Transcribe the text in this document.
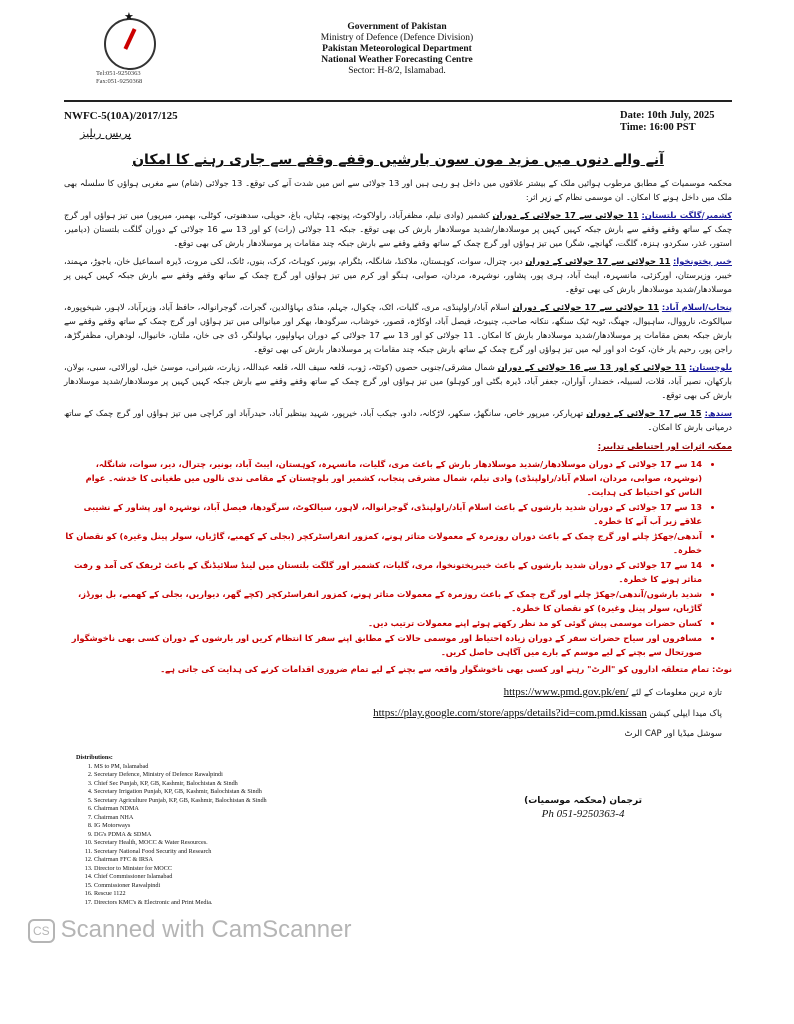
★
Tel:051-9250363
Fax:051-9250368
Government of Pakistan
Ministry of Defence (Defence Division)
Pakistan Meteorological Department
National Weather Forecasting Centre
Sector: H-8/2, Islamabad.
NWFC-5(10A)/2017/125
پریس ریلیز
Date: 10th July, 2025
Time: 16:00 PST
آنے والے دنوں میں مزید مون سون بارشیں وقفے وقفے سے جاری رہنے کا امکان

محکمہ موسمیات کے مطابق مرطوب ہوائیں ملک کے بیشتر علاقوں میں داخل ہو رہی ہیں اور 13 جولائی سے اس میں شدت آنے کی توقع۔ 13 جولائی (شام) سے مغربی ہواؤں کا سلسلہ بھی ملک میں داخل ہونے کا امکان۔ ان موسمی نظام کے زیر اثر:

کشمیر/گلگت بلتستان: 11 جولائی سے 17 جولائی کے دوران کشمیر (وادی نیلم، مظفرآباد، راولاکوٹ، پونچھ، ہٹیاں، باغ، حویلی، سدھنوتی، کوٹلی، بھمبر، میرپور) میں تیز ہواؤں اور گرج چمک کے ساتھ وقفے وقفے سے بارش جبکہ کہیں کہیں پر موسلادھار/شدید موسلادھار بارش کی بھی توقع۔ جبکہ 11 جولائی (رات) کو اور 13 سے 16 جولائی کے دوران گلگت بلتستان (دیامیر، استور، غذر، سکردو، ہنزہ، گلگت، گھانچے، شگر) میں تیز ہواؤں اور گرج چمک کے ساتھ وقفے وقفے سے بارش جبکہ چند مقامات پر موسلادھار بارش کی بھی توقع۔

خیبر پختونخوا: 11 جولائی سے 17 جولائی کے دوران دیر، چترال، سوات، کوہستان، ملاکنڈ، شانگلہ، بٹگرام، بونیر، کوہاٹ، کرک، بنوں، ٹانک، لکی مروت، ڈیرہ اسماعیل خان، باجوڑ، مہمند، خیبر، وزیرستان، اورکزئی، مانسہرہ، ایبٹ آباد، ہری پور، پشاور، نوشہرہ، مردان، صوابی، ہنگو اور کرم میں تیز ہواؤں اور گرج چمک کے ساتھ وقفے وقفے سے بارش جبکہ کہیں کہیں پر موسلادھار/شدید موسلادھار بارش کی بھی توقع۔

پنجاب/اسلام آباد: 11 جولائی سے 17 جولائی کے دوران اسلام آباد/راولپنڈی، مری، گلیات، اٹک، چکوال، جہلم، منڈی بہاؤالدین، گجرات، گوجرانوالہ، حافظ آباد، وزیرآباد، لاہور، شیخوپورہ، سیالکوٹ، نارووال، ساہیوال، جھنگ، ٹوبہ ٹیک سنگھ، ننکانہ صاحب، چنیوٹ، فیصل آباد، اوکاڑہ، قصور، خوشاب، سرگودھا، بھکر اور میانوالی میں تیز ہواؤں اور گرج چمک کے ساتھ وقفے وقفے سے بارش جبکہ بعض مقامات پر موسلادھار/شدید موسلادھار بارش کا امکان۔ 11 جولائی کو اور 13 سے 17 جولائی کے دوران بہاولپور، بہاولنگر، ڈی جی خان، ملتان، خانیوال، لودھراں، مظفرگڑھ، راجن پور، رحیم یار خان، کوٹ ادو اور لیہ میں تیز ہواؤں اور گرج چمک کے ساتھ بارش جبکہ چند مقامات پر موسلادھار بارش کی بھی توقع۔

بلوچستان: 11 جولائی کو اور 13 سے 16 جولائی کے دوران شمال مشرقی/جنوبی حصوں (کوئٹہ، ژوب، قلعہ سیف اللہ، قلعہ عبداللہ، زیارت، شیرانی، موسیٰ خیل، لورالائی، سبی، بولان، بارکھان، نصیر آباد، قلات، لسبیلہ، خضدار، آواران، جعفر آباد، ڈیرہ بگٹی اور کوہلو) میں تیز ہواؤں اور گرج چمک کے ساتھ وقفے وقفے سے بارش جبکہ کہیں کہیں پر موسلادھار/شدید موسلادھار بارش کی بھی توقع۔

سندھ: 15 سے 17 جولائی کے دوران تھرپارکر، میرپور خاص، سانگھڑ، سکھر، لاڑکانہ، دادو، جیکب آباد، خیرپور، شہید بینظیر آباد، حیدرآباد اور کراچی میں تیز ہواؤں اور گرج چمک کے ساتھ درمیانی بارش کا امکان۔

ممکنہ اثرات اور احتیاطی تدابیر:
• 14 سے 17 جولائی کے دوران موسلادھار/شدید موسلادھار بارش کے باعث مری، گلیات، مانسہرہ، کوہستان، ایبٹ آباد، بونیر، چترال، دیر، سوات، شانگلہ، (نوشہرہ، صوابی، مردان، اسلام آباد/راولپنڈی) وادی نیلم، شمال مشرقی پنجاب، کشمیر اور بلوچستان کے مقامی ندی نالوں میں طغیانی کا خدشہ۔ عوام الناس کو احتیاط کی ہدایت۔
• 13 سے 17 جولائی کے دوران شدید بارشوں کے باعث اسلام آباد/راولپنڈی، گوجرانوالہ، لاہور، سیالکوٹ، سرگودھا، فیصل آباد، نوشہرہ اور پشاور کے نشیبی علاقے زیر آب آنے کا خطرہ۔
• آندھی/جھکڑ چلنے اور گرج چمک کے باعث دوران روزمرہ کے معمولات متاثر ہونے، کمزور انفراسٹرکچر (بجلی کے کھمبے، گاڑیاں، سولر پینل وغیرہ) کو نقصان کا خطرہ۔
• 14 سے 17 جولائی کے دوران شدید بارشوں کے باعث خیبرپختونخوا، مری، گلیات، کشمیر اور گلگت بلتستان میں لینڈ سلائیڈنگ کے باعث ٹریفک کی آمد و رفت متاثر ہونے کا خطرہ۔
• شدید بارشوں/آندھی/جھکڑ چلنے اور گرج چمک کے باعث روزمرہ کے معمولات متاثر ہونے، کمزور انفراسٹرکچر (کچے گھر، دیواریں، بجلی کے کھمبے، بل بورڈز، گاڑیاں، سولر پینل وغیرہ) کو نقصان کا خطرہ۔
• کسان حضرات موسمی پیش گوئی کو مد نظر رکھتے ہوئے اپنے معمولات ترتیب دیں۔
• مسافروں اور سیاح حضرات سفر کے دوران زیادہ احتیاط اور موسمی حالات کے مطابق اپنے سفر کا انتظام کریں اور بارشوں کے دوران کسی بھی ناخوشگوار صورتحال سے بچنے کے لیے موسم کے بارے میں آگاہی حاصل کریں۔
نوٹ: تمام متعلقہ اداروں کو "الرٹ" رہنے اور کسی بھی ناخوشگوار واقعہ سے بچنے کے لیے تمام ضروری اقدامات کرنے کی ہدایت کی جاتی ہے۔
تازہ ترین معلومات کے لئے https://www.pmd.gov.pk/en/
پاک میدا ایپلی کیشن https://play.google.com/store/apps/details?id=com.pmd.kissan
سوشل میڈیا اور CAP الرٹ
Distributions:
1. MS to PM, Islamabad
2. Secretary Defence, Ministry of Defence Rawalpindi
3. Chief Sec Punjab, KP, GB, Kashmir, Balochistan & Sindh
4. Secretary Irrigation Punjab, KP, GB, Kashmir, Balochistan & Sindh
5. Secretary Agriculture Punjab, KP, GB, Kashmir, Balochistan & Sindh
6. Chairman NDMA
7. Chairman NHA
8. IG Motorways
9. DG's PDMA & SDMA
10. Secretary Health, MOCC & Water Resources.
11. Secretary National Food Security and Research
12. Chairman FFC & IRSA
13. Director to Minister for MOCC
14. Chief Commissioner Islamabad
15. Commissioner Rawalpindi
16. Rescue 1122
17. Directors KMC's & Electronic and Print Media.
ترجمان (محکمہ موسمیات)
Ph 051-9250363-4
CS Scanned with CamScanner
